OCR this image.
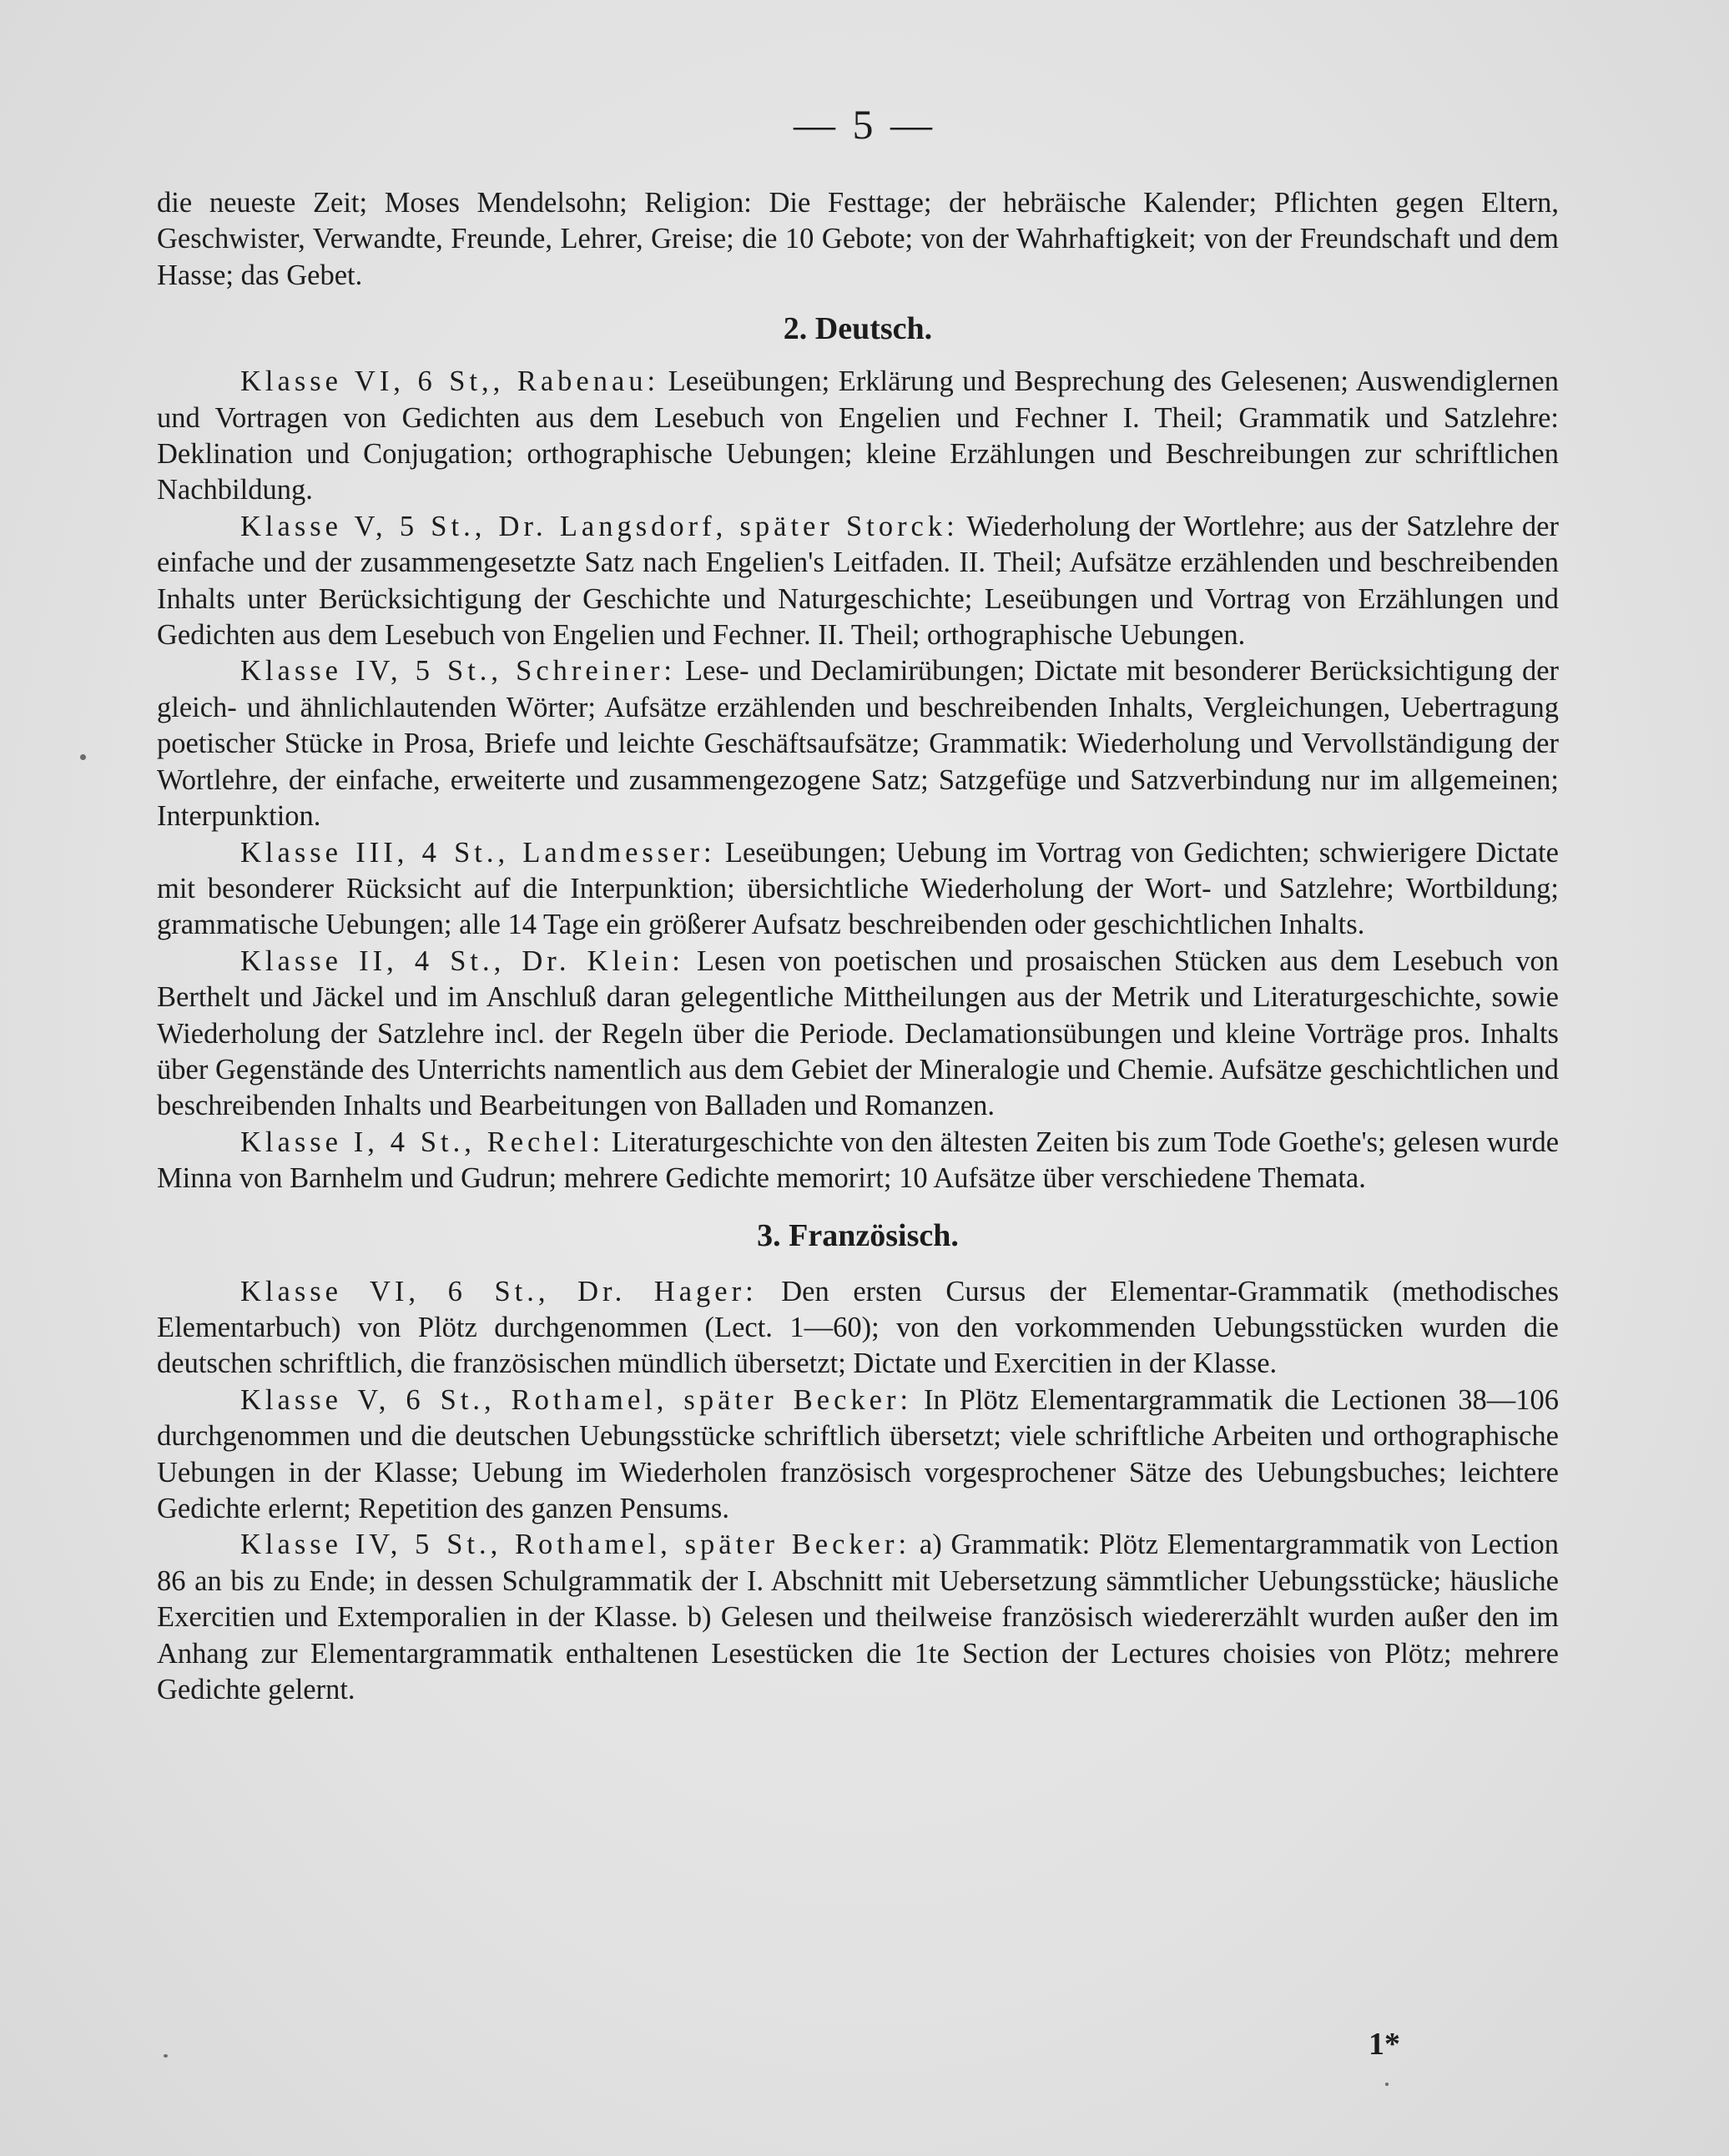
— 5 —

die neueste Zeit; Moses Mendelsohn; Religion: Die Festtage; der hebräische Kalender; Pflichten gegen Eltern, Geschwister, Verwandte, Freunde, Lehrer, Greise; die 10 Gebote; von der Wahrhaftigkeit; von der Freundschaft und dem Hasse; das Gebet.

2. Deutsch.

Klasse VI, 6 St,, Rabenau: Leseübungen; Erklärung und Besprechung des Gelesenen; Auswendiglernen und Vortragen von Gedichten aus dem Lesebuch von Engelien und Fechner I. Theil; Grammatik und Satzlehre: Deklination und Conjugation; orthographische Uebungen; kleine Erzählungen und Beschreibungen zur schriftlichen Nachbildung.

Klasse V, 5 St., Dr. Langsdorf, später Storck: Wiederholung der Wortlehre; aus der Satzlehre der einfache und der zusammengesetzte Satz nach Engelien's Leitfaden. II. Theil; Aufsätze erzählenden und beschreibenden Inhalts unter Berücksichtigung der Geschichte und Naturgeschichte; Leseübungen und Vortrag von Erzählungen und Gedichten aus dem Lesebuch von Engelien und Fechner. II. Theil; orthographische Uebungen.

Klasse IV, 5 St., Schreiner: Lese- und Declamirübungen; Dictate mit besonderer Berücksichtigung der gleich- und ähnlichlautenden Wörter; Aufsätze erzählenden und beschreibenden Inhalts, Vergleichungen, Uebertragung poetischer Stücke in Prosa, Briefe und leichte Geschäftsaufsätze; Grammatik: Wiederholung und Vervollständigung der Wortlehre, der einfache, erweiterte und zusammengezogene Satz; Satzgefüge und Satzverbindung nur im allgemeinen; Interpunktion.

Klasse III, 4 St., Landmesser: Leseübungen; Uebung im Vortrag von Gedichten; schwierigere Dictate mit besonderer Rücksicht auf die Interpunktion; übersichtliche Wiederholung der Wort- und Satzlehre; Wortbildung; grammatische Uebungen; alle 14 Tage ein größerer Aufsatz beschreibenden oder geschichtlichen Inhalts.

Klasse II, 4 St., Dr. Klein: Lesen von poetischen und prosaischen Stücken aus dem Lesebuch von Berthelt und Jäckel und im Anschluß daran gelegentliche Mittheilungen aus der Metrik und Literaturgeschichte, sowie Wiederholung der Satzlehre incl. der Regeln über die Periode. Declamationsübungen und kleine Vorträge pros. Inhalts über Gegenstände des Unterrichts namentlich aus dem Gebiet der Mineralogie und Chemie. Aufsätze geschichtlichen und beschreibenden Inhalts und Bearbeitungen von Balladen und Romanzen.

Klasse I, 4 St., Rechel: Literaturgeschichte von den ältesten Zeiten bis zum Tode Goethe's; gelesen wurde Minna von Barnhelm und Gudrun; mehrere Gedichte memorirt; 10 Aufsätze über verschiedene Themata.

3. Französisch.

Klasse VI, 6 St., Dr. Hager: Den ersten Cursus der Elementar-Grammatik (methodisches Elementarbuch) von Plötz durchgenommen (Lect. 1—60); von den vorkommenden Uebungsstücken wurden die deutschen schriftlich, die französischen mündlich übersetzt; Dictate und Exercitien in der Klasse.

Klasse V, 6 St., Rothamel, später Becker: In Plötz Elementargrammatik die Lectionen 38—106 durchgenommen und die deutschen Uebungsstücke schriftlich übersetzt; viele schriftliche Arbeiten und orthographische Uebungen in der Klasse; Uebung im Wiederholen französisch vorgesprochener Sätze des Uebungsbuches; leichtere Gedichte erlernt; Repetition des ganzen Pensums.

Klasse IV, 5 St., Rothamel, später Becker: a) Grammatik: Plötz Elementargrammatik von Lection 86 an bis zu Ende; in dessen Schulgrammatik der I. Abschnitt mit Uebersetzung sämmtlicher Uebungsstücke; häusliche Exercitien und Extemporalien in der Klasse. b) Gelesen und theilweise französisch wiedererzählt wurden außer den im Anhang zur Elementargrammatik enthaltenen Lesestücken die 1te Section der Lectures choisies von Plötz; mehrere Gedichte gelernt.

1*
